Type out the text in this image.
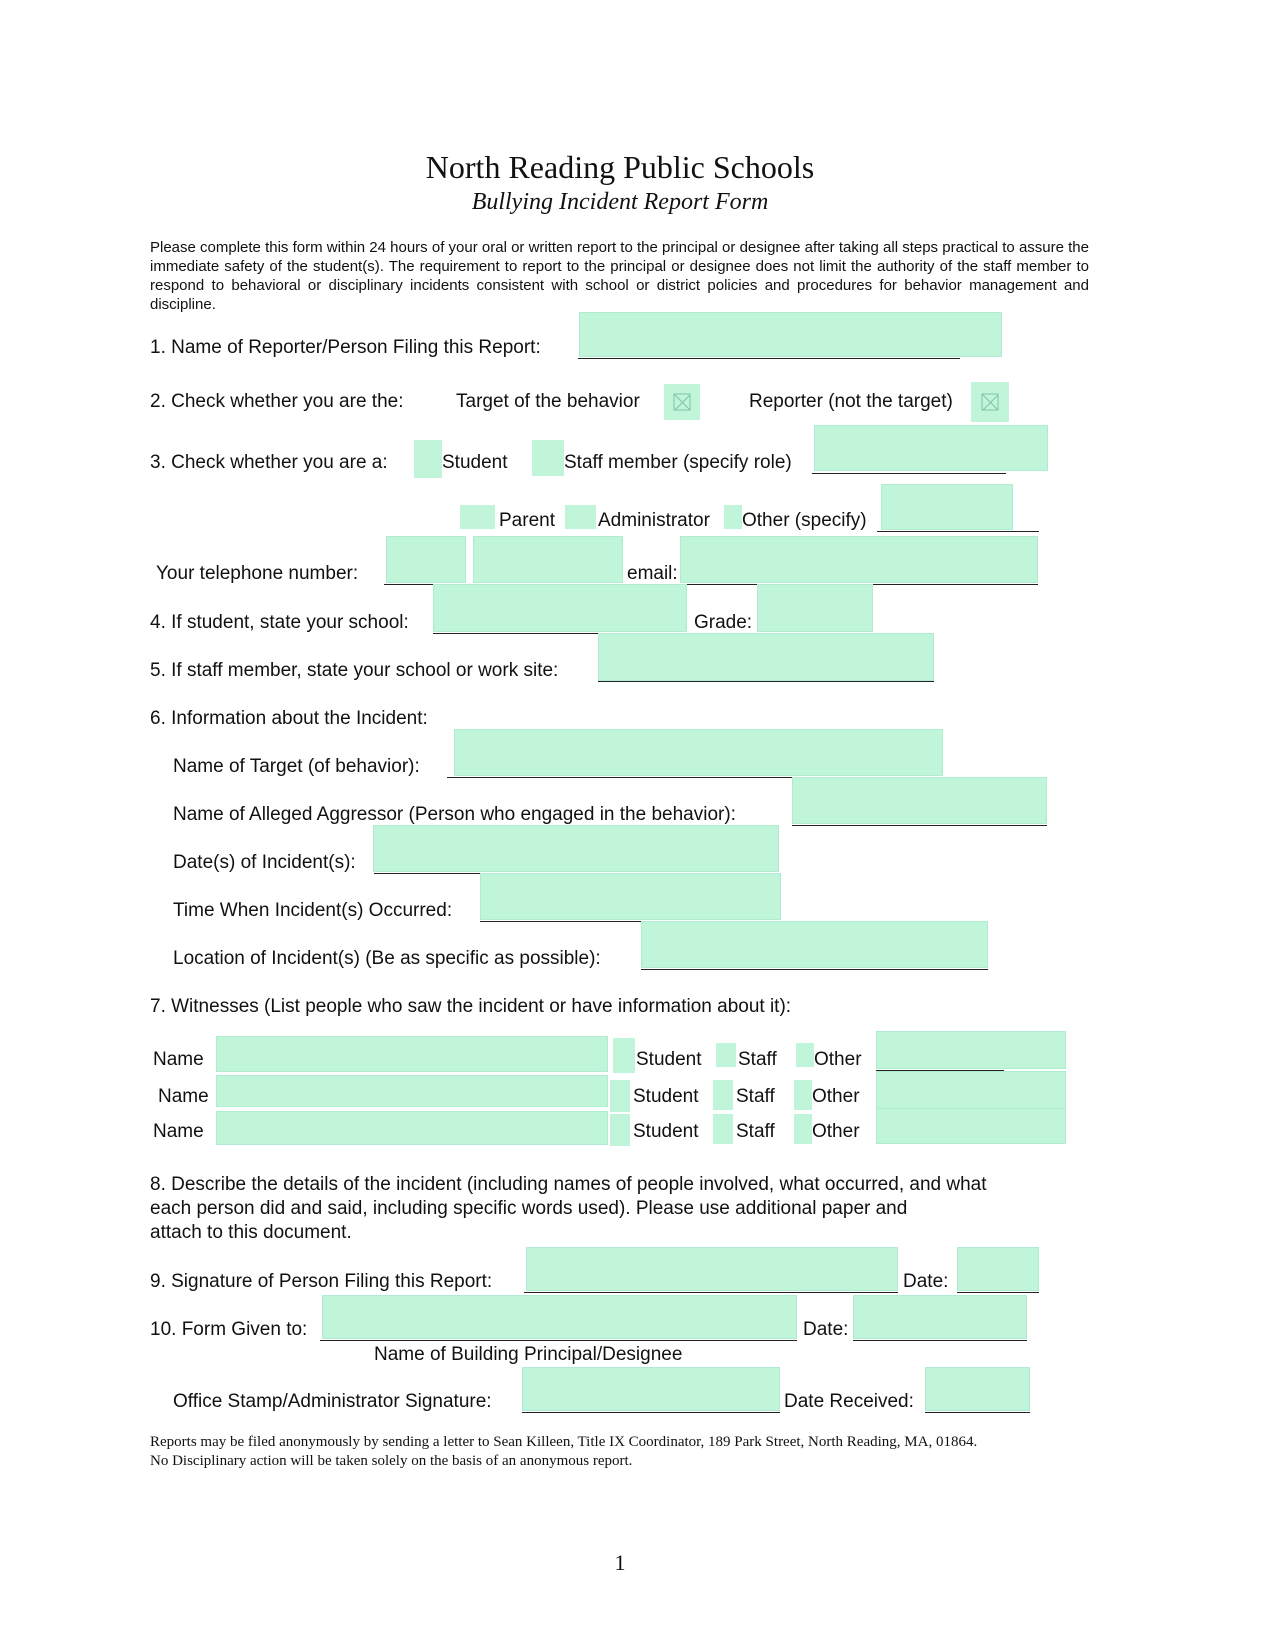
North Reading Public Schools
Bullying Incident Report Form
Please complete this form within 24 hours of your oral or written report to the principal or designee after taking all steps practical to assure the immediate safety of the student(s). The requirement to report to the principal or designee does not limit the authority of the staff member to respond to behavioral or disciplinary incidents consistent with school or district policies and procedures for behavior management and discipline.
1. Name of Reporter/Person Filing this Report:
2. Check whether you are the:	Target of the behavior	Reporter (not the target)
3. Check whether you are a:	Student	Staff member (specify role)
Parent Administrator Other (specify)
Your telephone number:	email:
4. If student, state your school:	Grade:
5. If staff member, state your school or work site:
6. Information about the Incident:
Name of Target (of behavior):
Name of Alleged Aggressor (Person who engaged in the behavior):
Date(s) of Incident(s):
Time When Incident(s) Occurred:
Location of Incident(s) (Be as specific as possible):
7. Witnesses (List people who saw the incident or have information about it):
Name	Student Staff Other
Name	Student Staff Other
Name	Student Staff Other
8. Describe the details of the incident (including names of people involved, what occurred, and what
each person did and said, including specific words used). Please use additional paper and
attach to this document.
9. Signature of Person Filing this Report:	Date:
10. Form Given to:	Date:
Name of Building Principal/Designee
Office Stamp/Administrator Signature:	Date Received:
Reports may be filed anonymously by sending a letter to Sean Killeen, Title IX Coordinator, 189 Park Street, North Reading, MA, 01864.
No Disciplinary action will be taken solely on the basis of an anonymous report.
1
